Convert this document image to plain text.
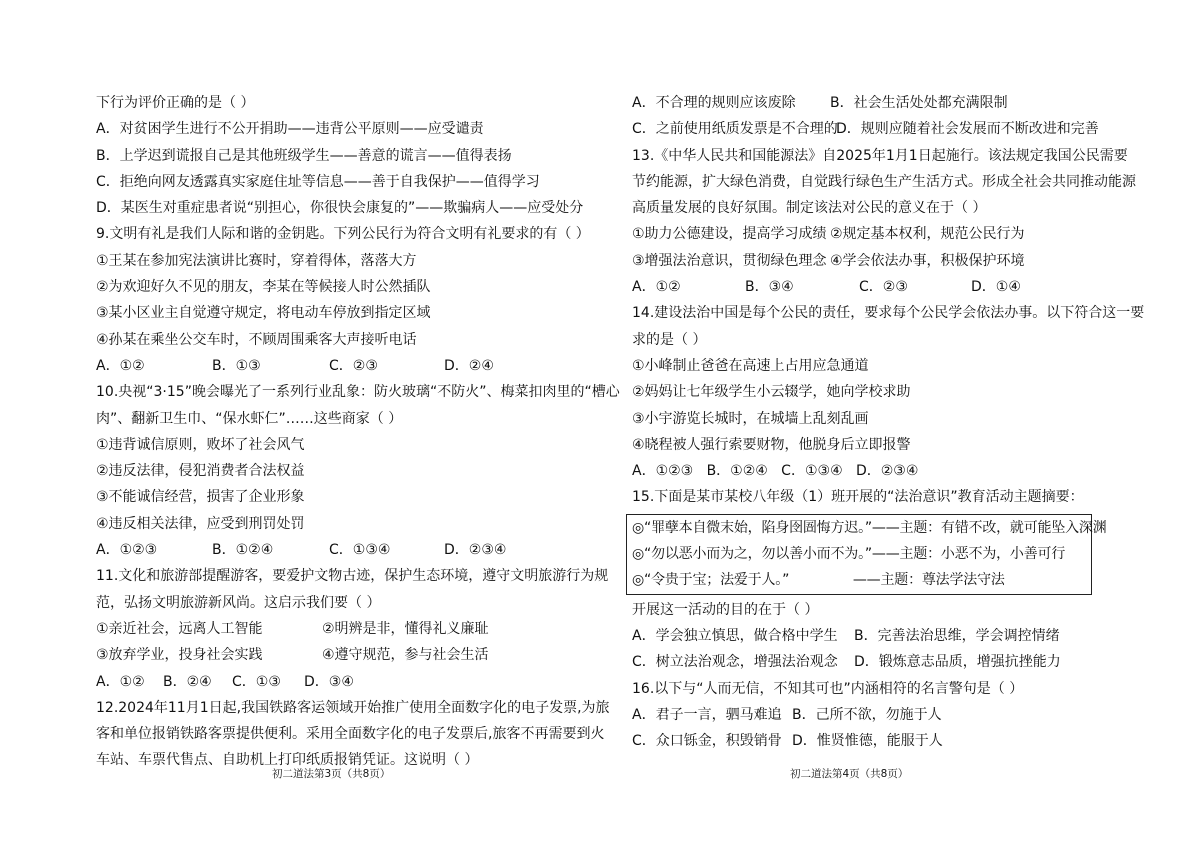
下行为评价正确的是（ ）
A．对贫困学生进行不公开捐助——违背公平原则——应受谴责
B．上学迟到谎报自己是其他班级学生——善意的谎言——值得表扬
C．拒绝向网友透露真实家庭住址等信息——善于自我保护——值得学习
D．某医生对重症患者说“别担心，你很快会康复的”——欺骗病人——应受处分
9.文明有礼是我们人际和谐的金钥匙。下列公民行为符合文明有礼要求的有（ ）
①王某在参加宪法演讲比赛时，穿着得体，落落大方
②为欢迎好久不见的朋友，李某在等候接人时公然插队
③某小区业主自觉遵守规定，将电动车停放到指定区域
④孙某在乘坐公交车时，不顾周围乘客大声接听电话
A．①②	B．①③	C．②③	D．②④
10.央视“3·15”晚会曝光了一系列行业乱象：防火玻璃“不防火”、梅菜扣肉里的“槽心
肉”、翻新卫生巾、“保水虾仁”……这些商家（ ）
①违背诚信原则，败坏了社会风气
②违反法律，侵犯消费者合法权益
③不能诚信经营，损害了企业形象
④违反相关法律，应受到刑罚处罚
A．①②③	B．①②④	C．①③④	D．②③④
11.文化和旅游部提醒游客，要爱护文物古迹，保护生态环境，遵守文明旅游行为规
范，弘扬文明旅游新风尚。这启示我们要（ ）
①亲近社会，远离人工智能	②明辨是非，懂得礼义廉耻
③放弃学业，投身社会实践	④遵守规范，参与社会生活
A．①②	B．②④	C．①③	D．③④
12.2024年11月1日起,我国铁路客运领域开始推广使用全面数字化的电子发票,为旅
客和单位报销铁路客票提供便利。采用全面数字化的电子发票后,旅客不再需要到火
车站、车票代售点、自助机上打印纸质报销凭证。这说明（ ）
初二道法第3页（共8页）
A．不合理的规则应该废除	B．社会生活处处都充满限制
C．之前使用纸质发票是不合理的
D．规则应随着社会发展而不断改进和完善
13.《中华人民共和国能源法》自2025年1月1日起施行。该法规定我国公民需要
节约能源，扩大绿色消费，自觉践行绿色生产生活方式。形成全社会共同推动能源
高质量发展的良好氛围。制定该法对公民的意义在于（ ）
①助力公德建设，提高学习成绩 ②规定基本权利，规范公民行为
③增强法治意识，贯彻绿色理念 ④学会依法办事，积极保护环境
A．①②	B．③④	C．②③	D．①④
14.建设法治中国是每个公民的责任，要求每个公民学会依法办事。以下符合这一要
求的是（ ）
①小峰制止爸爸在高速上占用应急通道
②妈妈让七年级学生小云辍学，她向学校求助
③小宇游览长城时，在城墙上乱刻乱画
④晓程被人强行索要财物，他脱身后立即报警
A．①②③   B．①②④   C．①③④   D．②③④
15.下面是某市某校八年级（1）班开展的“法治意识”教育活动主题摘要：
◎“罪孽本自微末始，陷身囹圄悔方迟。”——主题：有错不改，就可能坠入深渊
◎“勿以恶小而为之，勿以善小而不为。”——主题：小恶不为，小善可行
◎“令贵于宝；法爱于人。”               ——主题：尊法学法守法
开展这一活动的目的在于（ ）
A．学会独立慎思，做合格中学生	B．完善法治思维，学会调控情绪
C．树立法治观念，增强法治观念	D．锻炼意志品质，增强抗挫能力
16.以下与“人而无信，不知其可也”内涵相符的名言警句是（ ）
A．君子一言，驷马难追 B．己所不欲，勿施于人
C．众口铄金，积毁销骨 D．惟贤惟德，能服于人
初二道法第4页（共8页）
